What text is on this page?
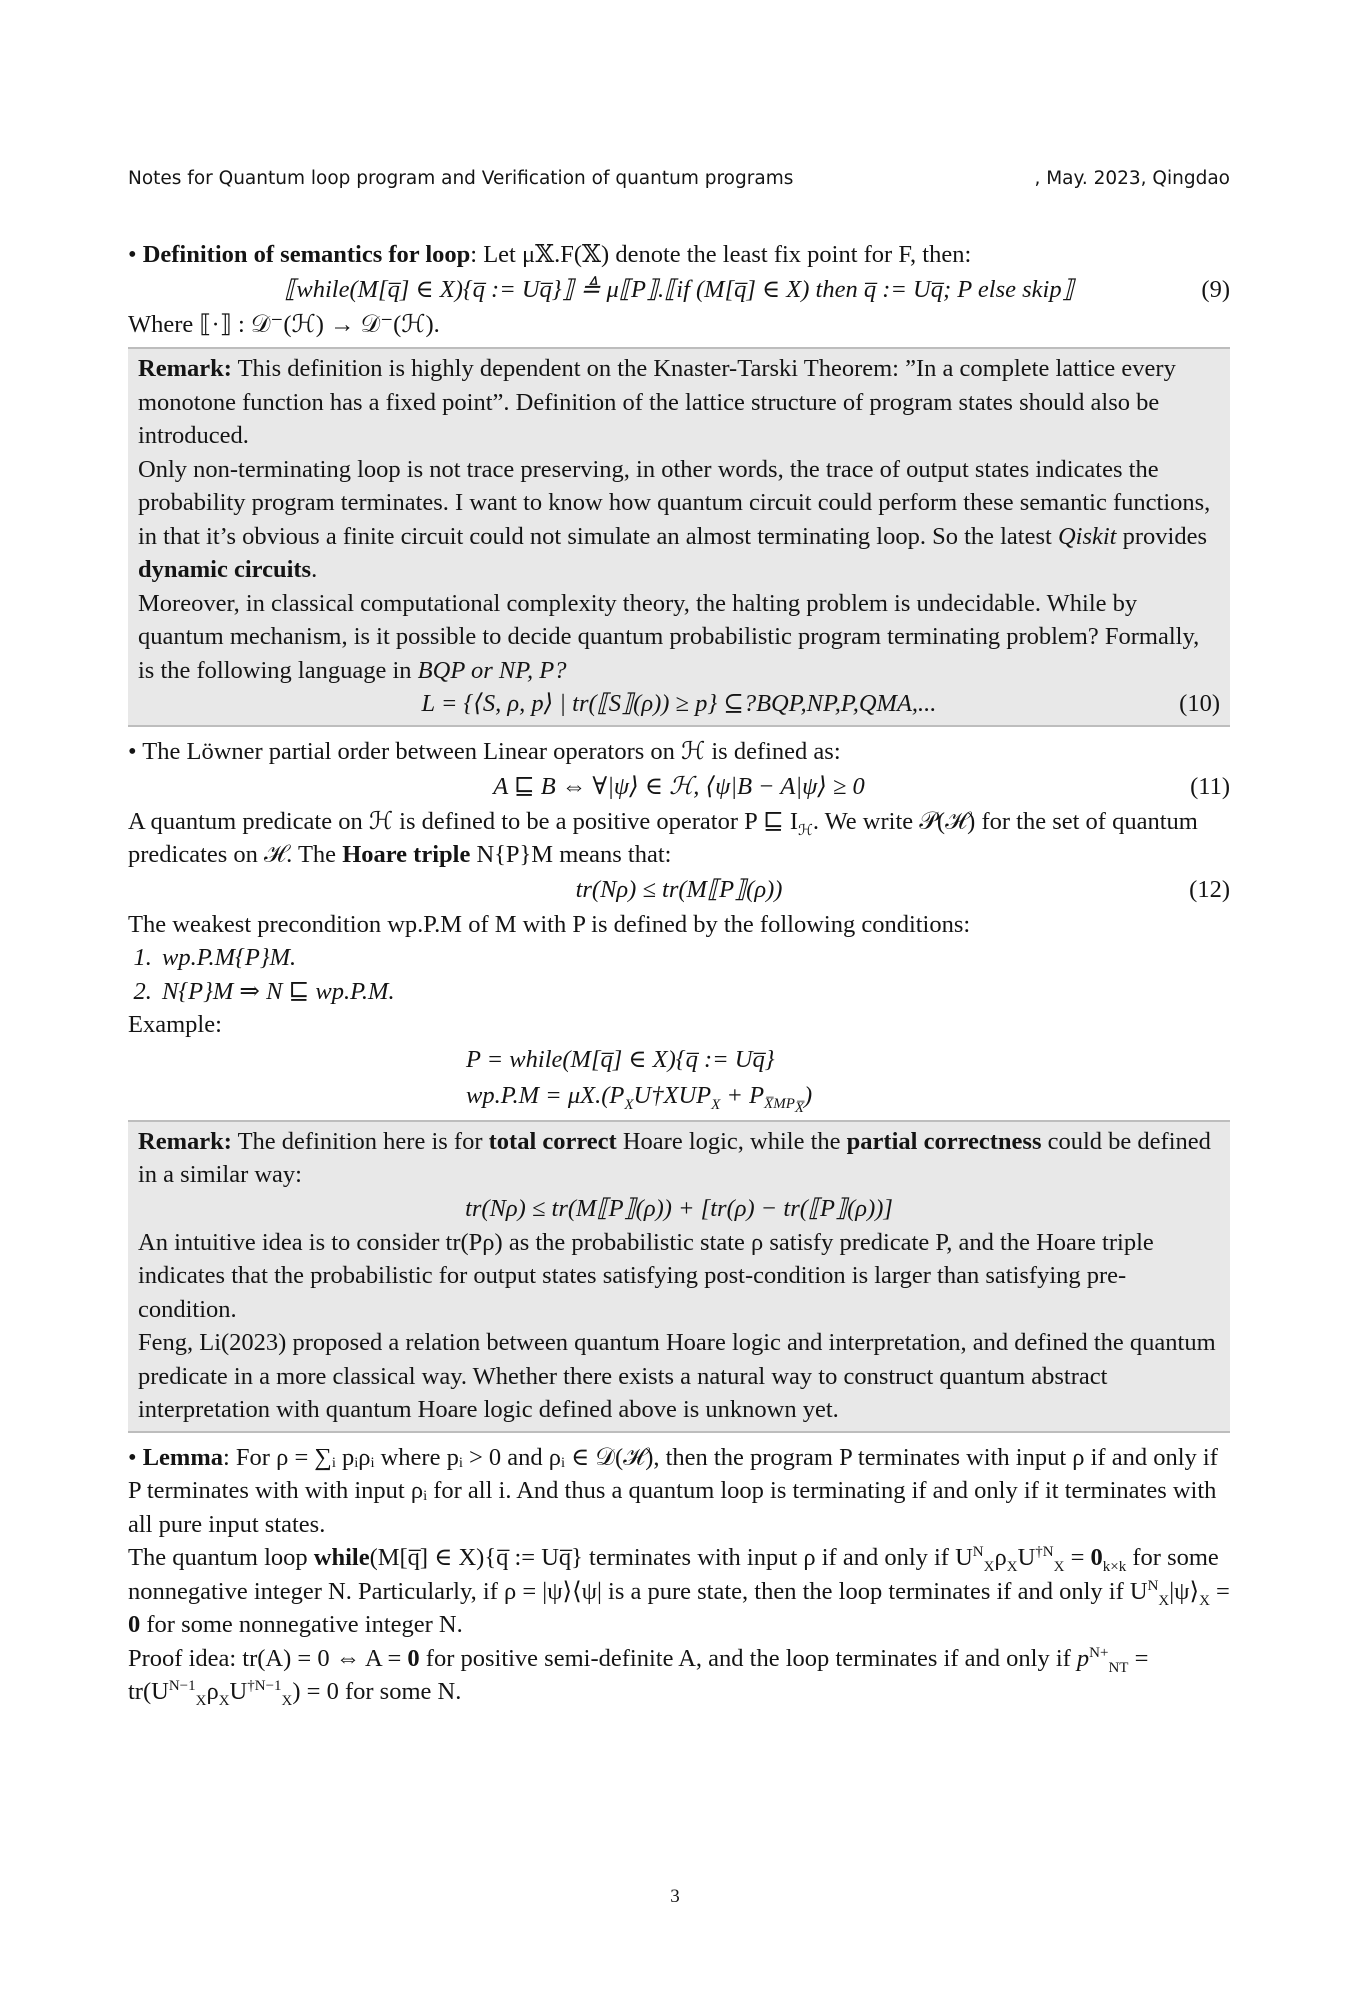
Notes for Quantum loop program and Verification of quantum programs	, May. 2023, Qingdao

• Definition of semantics for loop: Let μ𝕏.F(𝕏) denote the least fix point for F, then:

⟦while(M[q̅] ∈ X){q̅ := Uq̅}⟧ ≜ μ⟦P⟧.⟦if (M[q̅] ∈ X) then q̅ := Uq̅; P else skip⟧	(9)

Where ⟦·⟧ : 𝒟⁻(ℋ) → 𝒟⁻(ℋ).

Remark: This definition is highly dependent on the Knaster-Tarski Theorem: ”In a complete lattice every monotone function has a fixed point”. Definition of the lattice structure of program states should also be introduced.

Only non-terminating loop is not trace preserving, in other words, the trace of output states indicates the probability program terminates. I want to know how quantum circuit could perform these semantic functions, in that it’s obvious a finite circuit could not simulate an almost terminating loop. So the latest Qiskit provides dynamic circuits.

Moreover, in classical computational complexity theory, the halting problem is undecidable. While by quantum mechanism, is it possible to decide quantum probabilistic program terminating problem? Formally, is the following language in BQP or NP, P?

L = {⟨S, ρ, p⟩ | tr(⟦S⟧(ρ)) ≥ p} ⊆?BQP,NP,P,QMA,...	(10)

• The Löwner partial order between Linear operators on ℋ is defined as:

A ⊑ B ⇔ ∀|ψ⟩ ∈ ℋ, ⟨ψ|B − A|ψ⟩ ≥ 0	(11)

A quantum predicate on ℋ is defined to be a positive operator P ⊑ $I_ℋ$. We write 𝒫(ℋ) for the set of quantum predicates on ℋ. The Hoare triple N{P}M means that:

tr(Nρ) ≤ tr(M⟦P⟧(ρ))	(12)

The weakest precondition wp.P.M of M with P is defined by the following conditions:

1. wp.P.M{P}M.
2. N{P}M ⇒ N ⊑ wp.P.M.

Example:

P = while(M[q̅] ∈ X){q̅ := Uq̅}
$wp.P.M = \mu X.(P_XU\dagger XUP_X + P_{X̅MP_{X̅}})$

Remark: The definition here is for total correct Hoare logic, while the partial correctness could be defined in a similar way:

tr(Nρ) ≤ tr(M⟦P⟧(ρ)) + [tr(ρ) − tr(⟦P⟧(ρ))]

An intuitive idea is to consider tr(Pρ) as the probabilistic state ρ satisfy predicate P, and the Hoare triple indicates that the probabilistic for output states satisfying post-condition is larger than satisfying pre-condition.

Feng, Li(2023) proposed a relation between quantum Hoare logic and interpretation, and defined the quantum predicate in a more classical way. Whether there exists a natural way to construct quantum abstract interpretation with quantum Hoare logic defined above is unknown yet.

• Lemma: For ρ = ∑ᵢ pᵢρᵢ where pᵢ > 0 and ρᵢ ∈ 𝒟(ℋ), then the program P terminates with input ρ if and only if P terminates with with input ρᵢ for all i. And thus a quantum loop is terminating if and only if it terminates with all pure input states.

The quantum loop while(M[q̅] ∈ X){q̅ := Uq̅} terminates with input ρ if and only if $U^N_X\rho_XU^{\dagger N}_X = 0_{k\times k}$ for some nonnegative integer N. Particularly, if ρ = |ψ⟩⟨ψ| is a pure state, then the loop terminates if and only if $U^N_X|\psi⟩_X = 0$ for some nonnegative integer N.

Proof idea: tr(A) = 0 ⇔ A = 0 for positive semi-definite A, and the loop terminates if and only if $p^{N+}_{NT} = tr(U^{N-1}_X\rho_XU^{\dagger N-1}_X) = 0$ for some N.

3
